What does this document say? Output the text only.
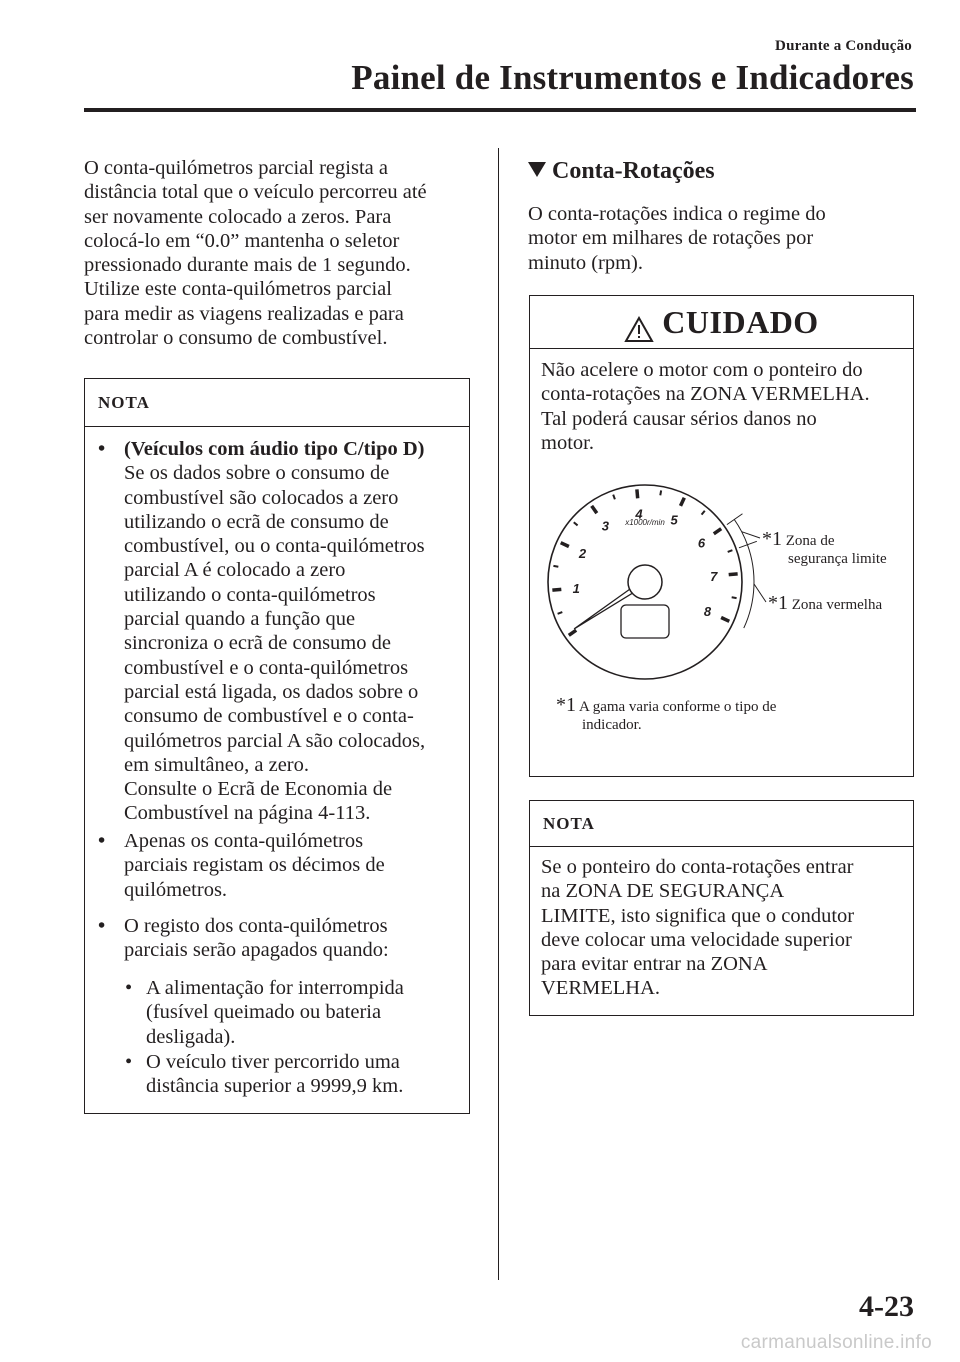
Durante a Condução
Painel de Instrumentos e Indicadores
O conta-quilómetros parcial regista a
distância total que o veículo percorreu até
ser novamente colocado a zeros. Para
colocá-lo em “0.0” mantenha o seletor
pressionado durante mais de 1 segundo.
Utilize este conta-quilómetros parcial
para medir as viagens realizadas e para
controlar o consumo de combustível.
NOTA
• (Veículos com áudio tipo C/tipo D)
Se os dados sobre o consumo de
combustível são colocados a zero
utilizando o ecrã de consumo de
combustível, ou o conta-quilómetros
parcial A é colocado a zero
utilizando o conta-quilómetros
parcial quando a função que
sincroniza o ecrã de consumo de
combustível e o conta-quilómetros
parcial está ligada, os dados sobre o
consumo de combustível e o conta-
quilómetros parcial A são colocados,
em simultâneo, a zero.
Consulte o Ecrã de Economia de
Combustível na página 4-113.
• Apenas os conta-quilómetros
parciais registam os décimos de
quilómetros.
• O registo dos conta-quilómetros
parciais serão apagados quando:
• A alimentação for interrompida
(fusível queimado ou bateria
desligada).
• O veículo tiver percorrido uma
distância superior a 9999,9 km.
Conta-Rotações
O conta-rotações indica o regime do
motor em milhares de rotações por
minuto (rpm).
CUIDADO
Não acelere o motor com o ponteiro do
conta-rotações na ZONA VERMELHA.
Tal poderá causar sérios danos no
motor.
1
2
3
4 5
6
7
8
x1000r/min
*1 Zona de
segurança limite
*1 Zona vermelha
*1 A gama varia conforme o tipo de
indicador.
NOTA
Se o ponteiro do conta-rotações entrar
na ZONA DE SEGURANÇA
LIMITE, isto significa que o condutor
deve colocar uma velocidade superior
para evitar entrar na ZONA
VERMELHA.
4-23
carmanualsonline.info
